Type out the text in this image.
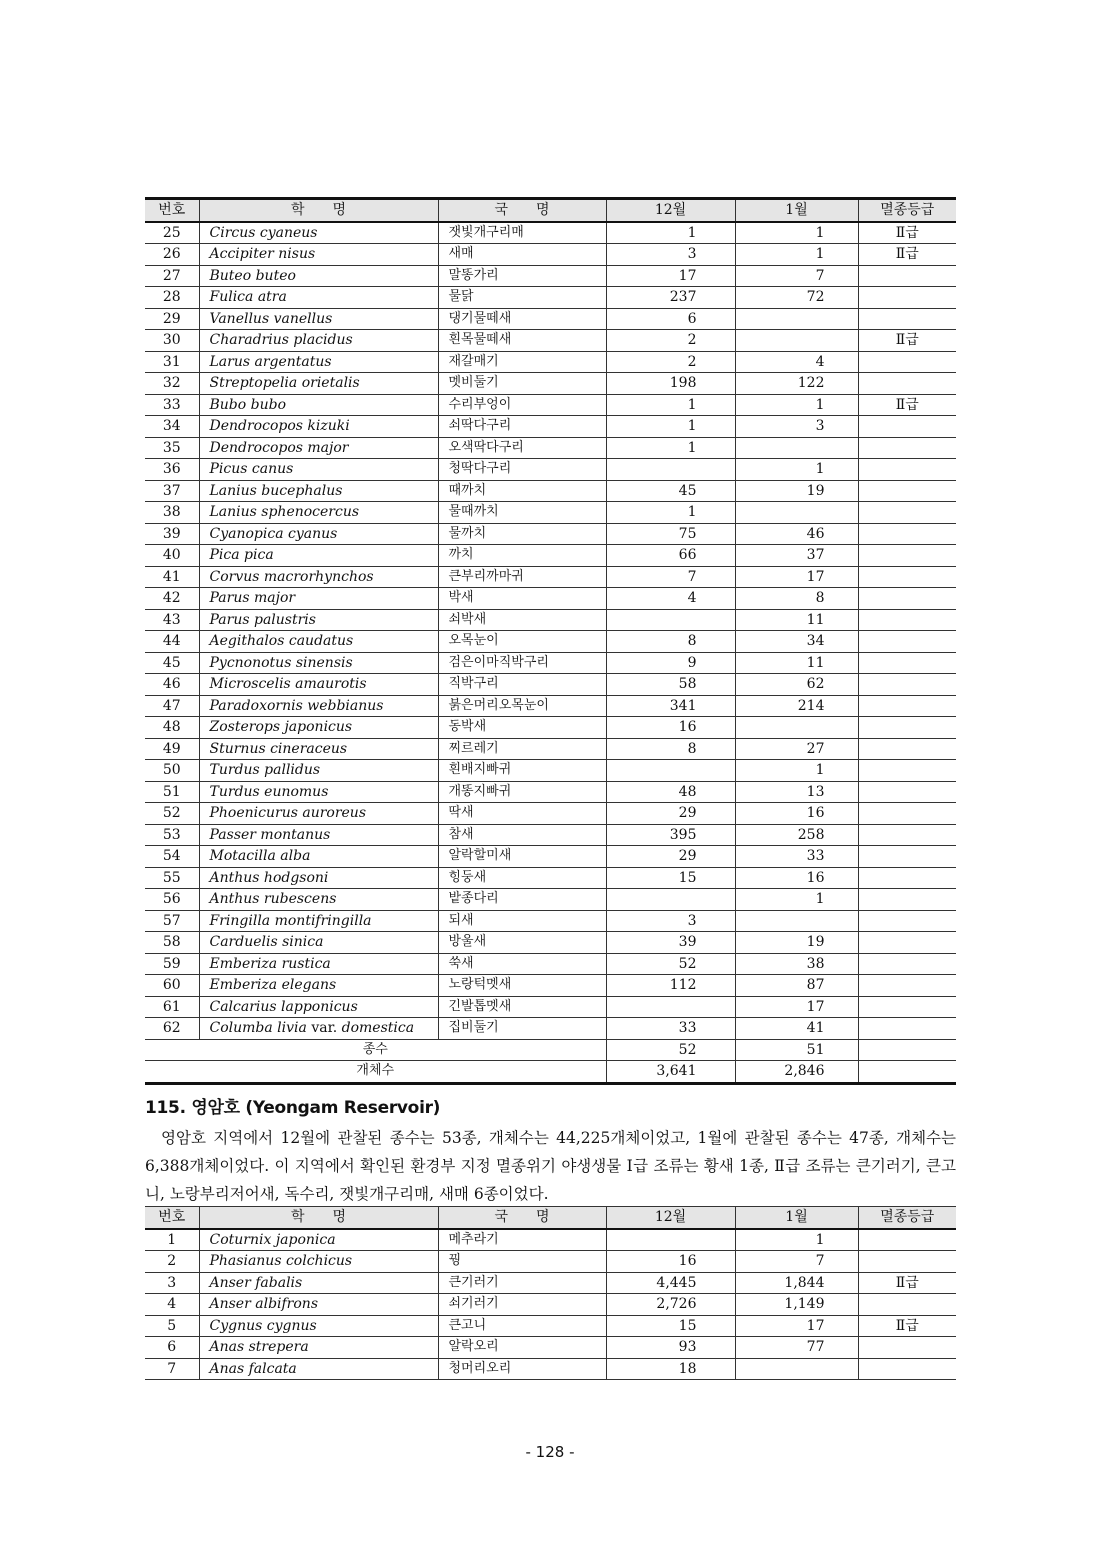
번호	학　　명	국　　명	12월	1월	멸종등급
25	Circus cyaneus	잿빛개구리매	1	1	Ⅱ급
26	Accipiter nisus	새매	3	1	Ⅱ급
27	Buteo buteo	말똥가리	17	7	
28	Fulica atra	물닭	237	72	
29	Vanellus vanellus	댕기물떼새	6		
30	Charadrius placidus	흰목물떼새	2		Ⅱ급
31	Larus argentatus	재갈매기	2	4	
32	Streptopelia orietalis	멧비둘기	198	122	
33	Bubo bubo	수리부엉이	1	1	Ⅱ급
34	Dendrocopos kizuki	쇠딱다구리	1	3	
35	Dendrocopos major	오색딱다구리	1		
36	Picus canus	청딱다구리		1	
37	Lanius bucephalus	때까치	45	19	
38	Lanius sphenocercus	물때까치	1		
39	Cyanopica cyanus	물까치	75	46	
40	Pica pica	까치	66	37	
41	Corvus macrorhynchos	큰부리까마귀	7	17	
42	Parus major	박새	4	8	
43	Parus palustris	쇠박새		11	
44	Aegithalos caudatus	오목눈이	8	34	
45	Pycnonotus sinensis	검은이마직박구리	9	11	
46	Microscelis amaurotis	직박구리	58	62	
47	Paradoxornis webbianus	붉은머리오목눈이	341	214	
48	Zosterops japonicus	동박새	16		
49	Sturnus cineraceus	찌르레기	8	27	
50	Turdus pallidus	흰배지빠귀		1	
51	Turdus eunomus	개똥지빠귀	48	13	
52	Phoenicurus auroreus	딱새	29	16	
53	Passer montanus	참새	395	258	
54	Motacilla alba	알락할미새	29	33	
55	Anthus hodgsoni	힝둥새	15	16	
56	Anthus rubescens	밭종다리		1	
57	Fringilla montifringilla	되새	3		
58	Carduelis sinica	방울새	39	19	
59	Emberiza rustica	쑥새	52	38	
60	Emberiza elegans	노랑턱멧새	112	87	
61	Calcarius lapponicus	긴발톱멧새		17	
62	Columba livia var. domestica	집비둘기	33	41	
종수			52	51	
개체수			3,641	2,846	
115. 영암호 (Yeongam Reservoir)

영암호 지역에서 12월에 관찰된 종수는 53종, 개체수는 44,225개체이었고, 1월에 관찰된 종수는 47종, 개체수는 6,388개체이었다. 이 지역에서 확인된 환경부 지정 멸종위기 야생생물 Ⅰ급 조류는 황새 1종, Ⅱ급 조류는 큰기러기, 큰고니, 노랑부리저어새, 독수리, 잿빛개구리매, 새매 6종이었다.

번호	학　　명	국　　명	12월	1월	멸종등급
1	Coturnix japonica	메추라기		1	
2	Phasianus colchicus	꿩	16	7	
3	Anser fabalis	큰기러기	4,445	1,844	Ⅱ급
4	Anser albifrons	쇠기러기	2,726	1,149	
5	Cygnus cygnus	큰고니	15	17	Ⅱ급
6	Anas strepera	알락오리	93	77	
7	Anas falcata	청머리오리	18		
- 128 -
